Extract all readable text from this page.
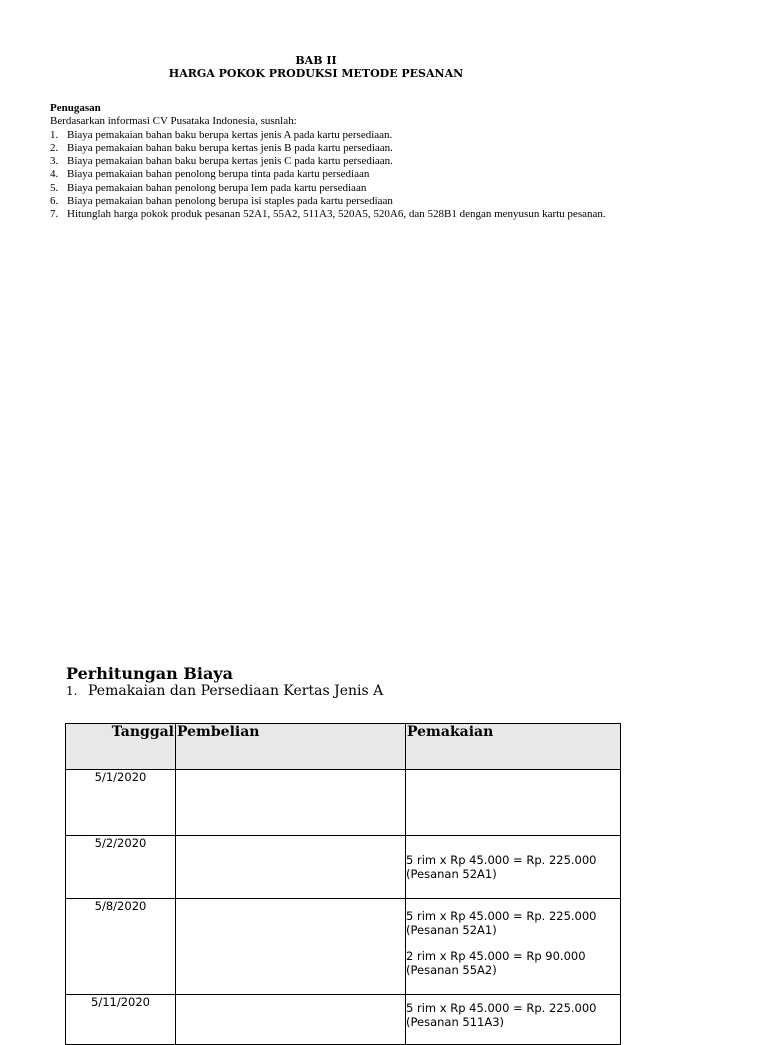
BAB II
HARGA POKOK PRODUKSI METODE PESANAN
Penugasan
Berdasarkan informasi CV Pusataka Indonesia, susnlah:
1. Biaya pemakaian bahan baku berupa kertas jenis A pada kartu persediaan.
2. Biaya pemakaian bahan baku berupa kertas jenis B pada kartu persediaan.
3. Biaya pemakaian bahan baku berupa kertas jenis C pada kartu persediaan.
4. Biaya pemakaian bahan penolong berupa tinta pada kartu persediaan
5. Biaya pemakaian bahan penolong berupa lem pada kartu persediaan
6. Biaya pemakaian bahan penolong berupa isi staples pada kartu persediaan
7. Hitunglah harga pokok produk pesanan 52A1, 55A2, 511A3, 520A5, 520A6, dan 528B1 dengan menyusun kartu pesanan.
Perhitungan Biaya
1. Pemakaian dan Persediaan Kertas Jenis A
Tanggal	Pembelian	Pemakaian
5/1/2020		
5/2/2020		5 rim x Rp 45.000 = Rp. 225.000
(Pesanan 52A1)

5/8/2020		5 rim x Rp 45.000 = Rp. 225.000
(Pesanan 52A1)
2 rim x Rp 45.000 = Rp 90.000
(Pesanan 55A2)

5/11/2020		5 rim x Rp 45.000 = Rp. 225.000
(Pesanan 511A3)
